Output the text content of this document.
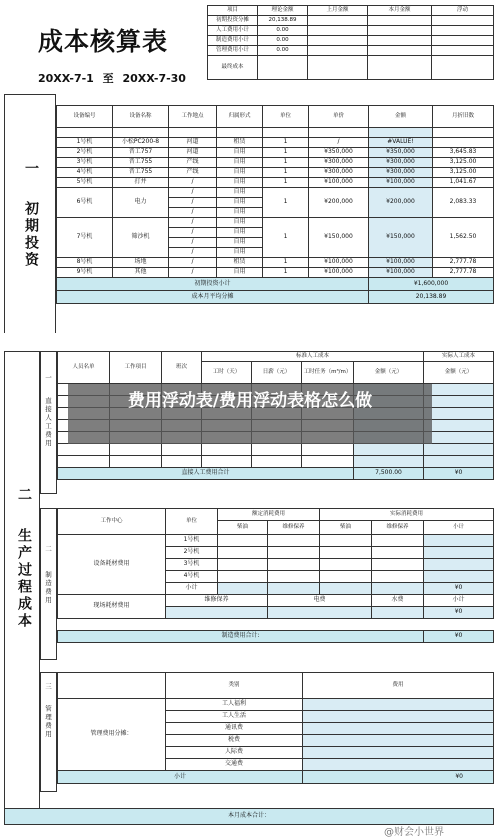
成本核算表
20XX-7-1 至 20XX-7-30
项目	理论金额	上月金额	本月金额	浮动
初期投资分摊	20,138.89			
人工费用小计	0.00			
制造费用小计	0.00			
管理费用小计	0.00			
最终成本				
一
初期投资
设备编号	设备名称	工作地点	归属形式	单位	单价	金额	月折旧数

1号机	小松PC200-8	河道	租赁	1	/	#VALUE!	
2号机	晋工757	河道	自用	1	¥350,000	¥350,000	3,645.83
3号机	晋工755	产线	自用	1	¥300,000	¥300,000	3,125.00
4号机	晋工755	产线	自用	1	¥300,000	¥300,000	3,125.00
5号机	打井	/	自用	1	¥100,000	¥100,000	1,041.67
6号机	电力	/	自用	1	¥200,000	¥200,000	2,083.33
		/	自用				
		/	自用				
7号机	筛沙机	/	自用	1	¥150,000	¥150,000	1,562.50
		/	自用				
		/	自用				
		/	自用				
8号机	场地	/	租赁	1	¥100,000	¥100,000	2,777.78
9号机	其他	/	自用	1	¥100,000	¥100,000	2,777.78
初期投资小计						¥1,600,000	
成本月平均分摊						20,138.89	
二
生产过程成本
一
直接人工费用
人员名单	工作项目	班次	标准人工成本				实际人工成本
			工时（天）	日薪（元）	工时任务（m³/m）	金额（元）	金额（元）

直接人工费用合计						7,500.00	¥0
二
制造费用
工作中心	单位	额定消耗费用		实际消耗费用		
		柴油	维修保养	柴油	维修保养	小计
设备耗材费用	1号机					
	2号机					
	3号机					
	4号机					
	小计					¥0
现场耗材费用	维修保养		电费		水费	小计
						¥0

制造费用合计:						¥0
三
管理费用
	类别	费用
管理费用分摊：	工人福利	
	工人生活	
	通讯费	
	税费	
	人际费	
	交通费	
小计		¥0
本月成本合计：
费用浮动表/费用浮动表格怎么做
@财会小世界
